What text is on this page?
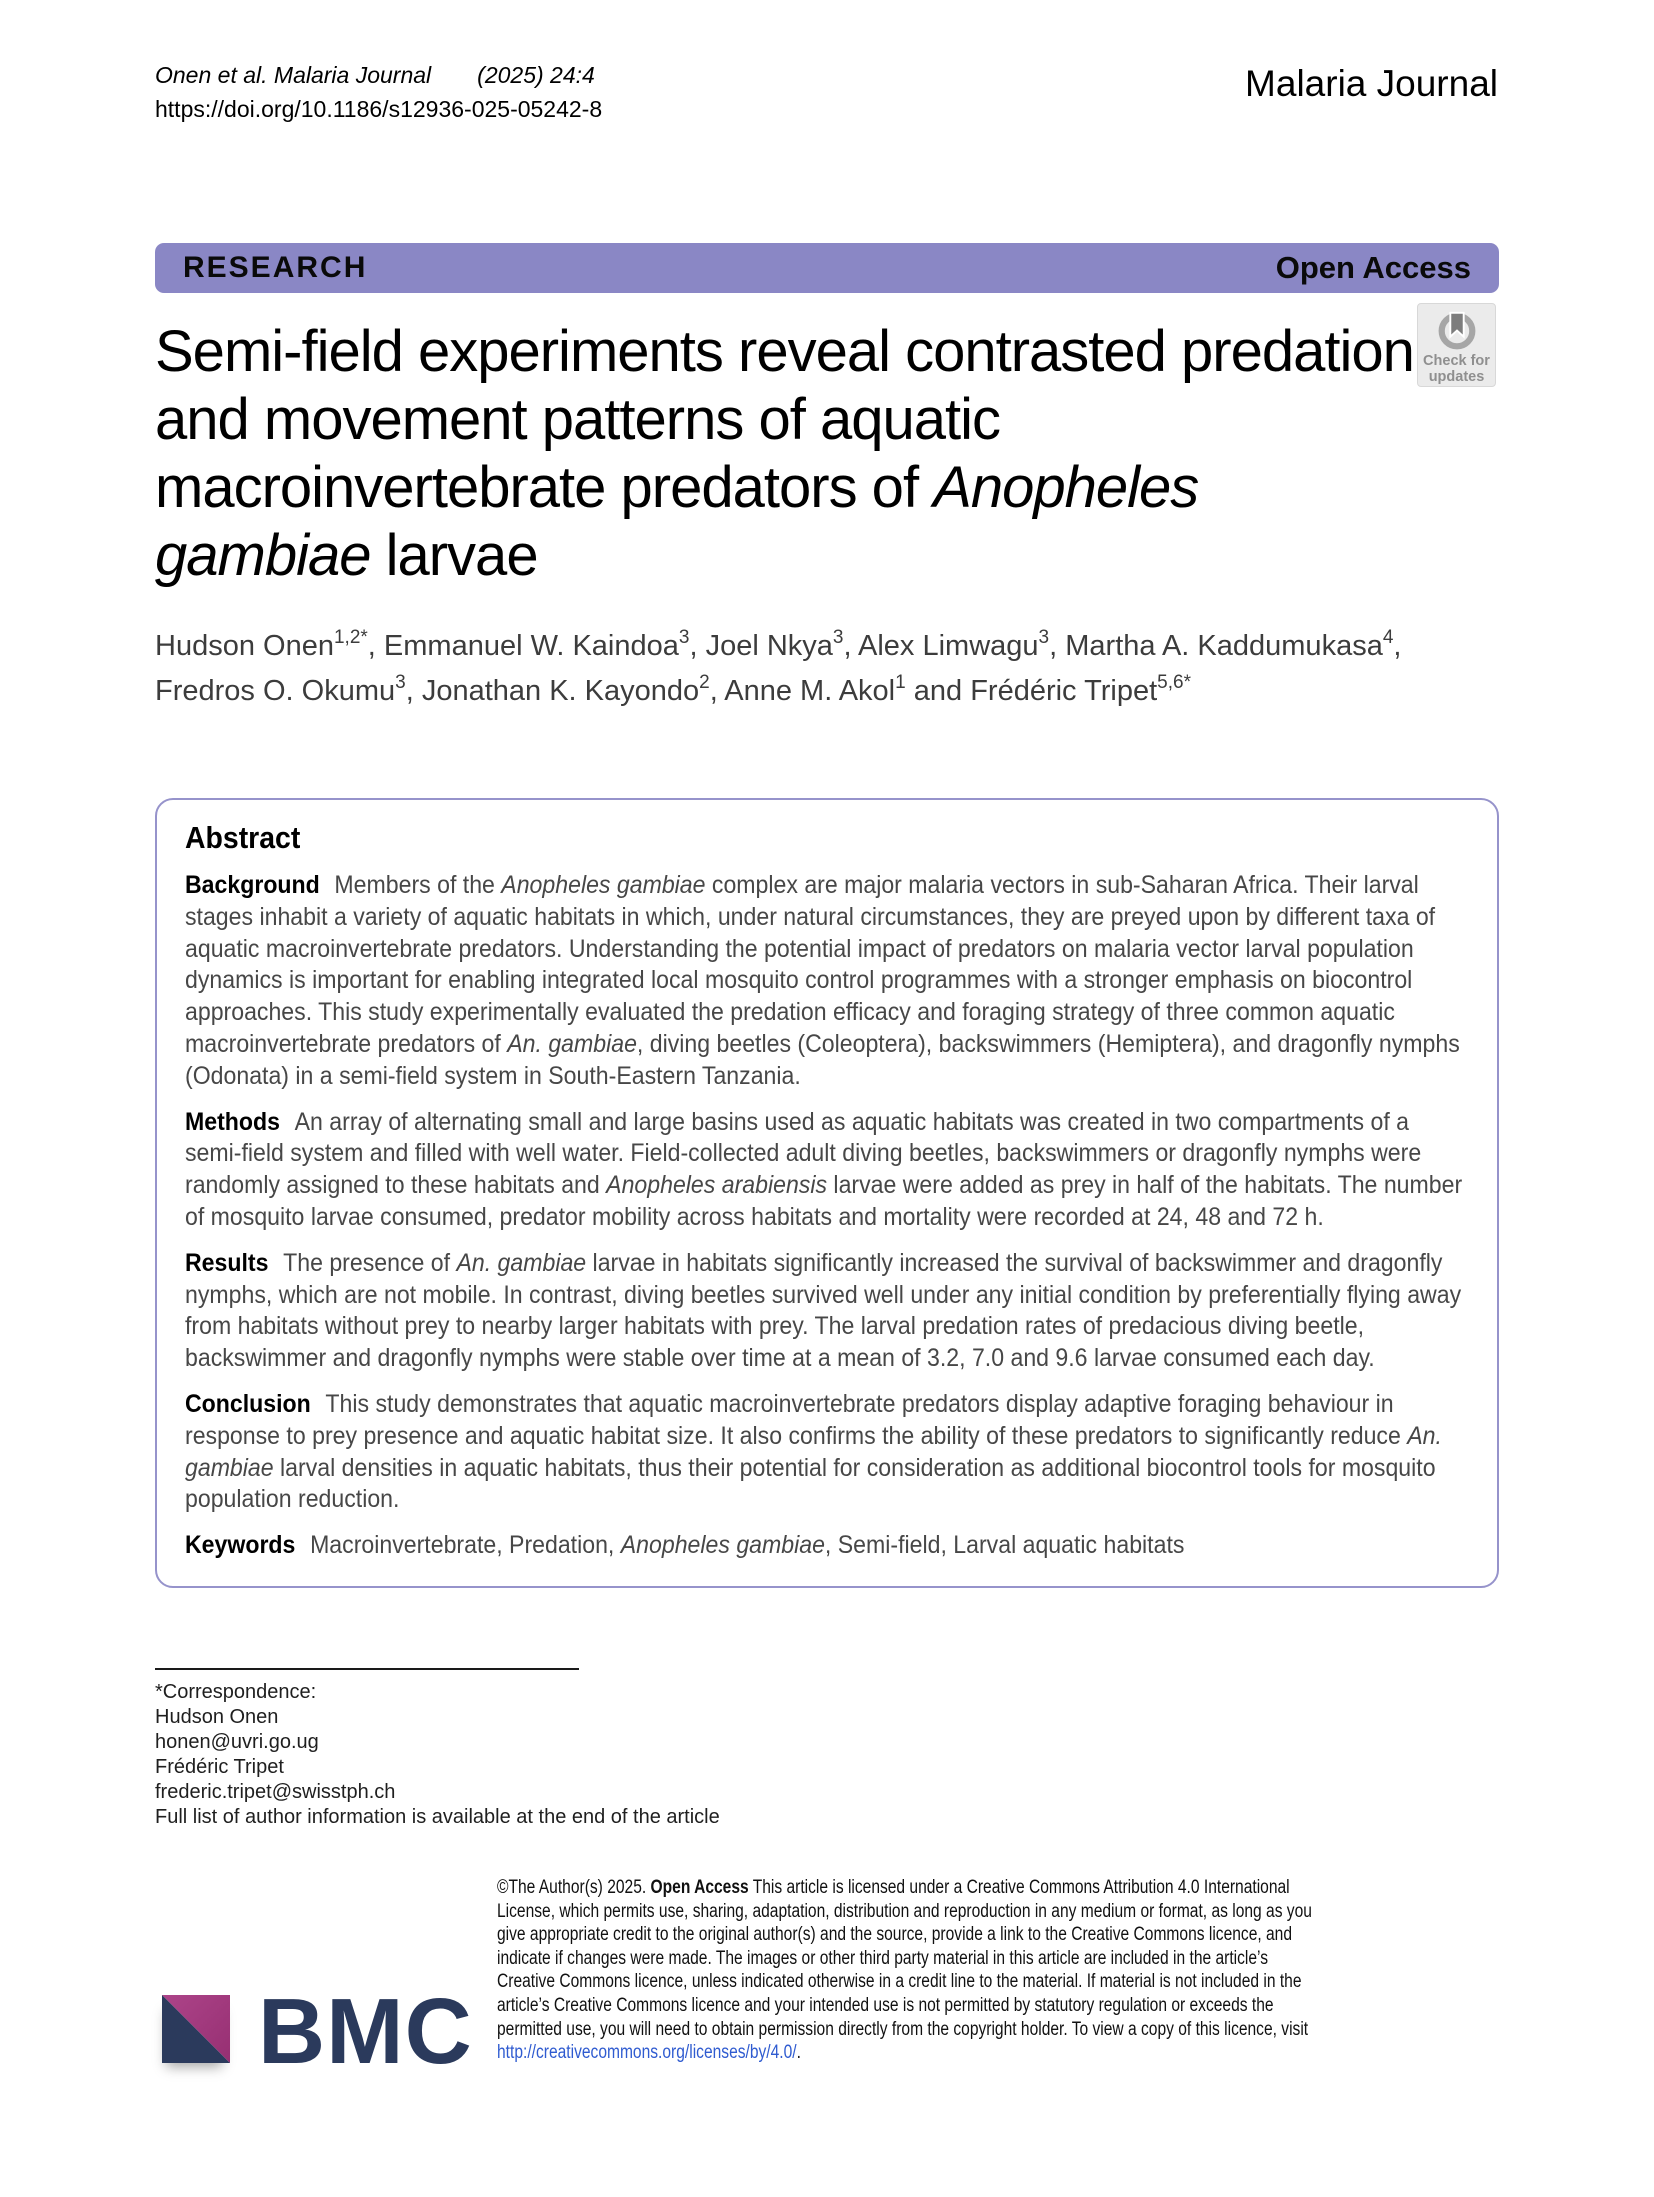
Onen et al. Malaria Journal (2025) 24:4
https://doi.org/10.1186/s12936-025-05242-8
Malaria Journal
RESEARCH	Open Access
Check for
updates
Semi-field experiments reveal contrasted predation and movement patterns of aquatic macroinvertebrate predators of Anopheles gambiae larvae
Hudson Onen$^{1,2*}$, Emmanuel W. Kaindoa$^3$, Joel Nkya$^3$, Alex Limwagu$^3$, Martha A. Kaddumukasa$^4$,
Fredros O. Okumu$^3$, Jonathan K. Kayondo$^2$, Anne M. Akol$^1$ and Frédéric Tripet$^{5,6*}$
Abstract

Background Members of the Anopheles gambiae complex are major malaria vectors in sub-Saharan Africa. Their larval stages inhabit a variety of aquatic habitats in which, under natural circumstances, they are preyed upon by different taxa of aquatic macroinvertebrate predators. Understanding the potential impact of predators on malaria vector larval population dynamics is important for enabling integrated local mosquito control programmes with a stronger emphasis on biocontrol approaches. This study experimentally evaluated the predation efficacy and foraging strategy of three common aquatic macroinvertebrate predators of An. gambiae, diving beetles (Coleoptera), backswimmers (Hemiptera), and dragonfly nymphs (Odonata) in a semi-field system in South-Eastern Tanzania.

Methods An array of alternating small and large basins used as aquatic habitats was created in two compartments of a semi-field system and filled with well water. Field-collected adult diving beetles, backswimmers or dragonfly nymphs were randomly assigned to these habitats and Anopheles arabiensis larvae were added as prey in half of the habitats. The number of mosquito larvae consumed, predator mobility across habitats and mortality were recorded at 24, 48 and 72 h.

Results The presence of An. gambiae larvae in habitats significantly increased the survival of backswimmer and dragonfly nymphs, which are not mobile. In contrast, diving beetles survived well under any initial condition by preferentially flying away from habitats without prey to nearby larger habitats with prey. The larval predation rates of predacious diving beetle, backswimmer and dragonfly nymphs were stable over time at a mean of 3.2, 7.0 and 9.6 larvae consumed each day.

Conclusion This study demonstrates that aquatic macroinvertebrate predators display adaptive foraging behaviour in response to prey presence and aquatic habitat size. It also confirms the ability of these predators to significantly reduce An. gambiae larval densities in aquatic habitats, thus their potential for consideration as additional biocontrol tools for mosquito population reduction.

Keywords Macroinvertebrate, Predation, Anopheles gambiae, Semi-field, Larval aquatic habitats

*Correspondence:
Hudson Onen
honen@uvri.go.ug
Frédéric Tripet
frederic.tripet@swisstph.ch
Full list of author information is available at the end of the article
BMC
©The Author(s) 2025. Open Access This article is licensed under a Creative Commons Attribution 4.0 International License, which permits use, sharing, adaptation, distribution and reproduction in any medium or format, as long as you give appropriate credit to the original author(s) and the source, provide a link to the Creative Commons licence, and indicate if changes were made. The images or other third party material in this article are included in the article’s Creative Commons licence, unless indicated otherwise in a credit line to the material. If material is not included in the article’s Creative Commons licence and your intended use is not permitted by statutory regulation or exceeds the permitted use, you will need to obtain permission directly from the copyright holder. To view a copy of this licence, visit http://creativecommons.org/licenses/by/4.0/.
